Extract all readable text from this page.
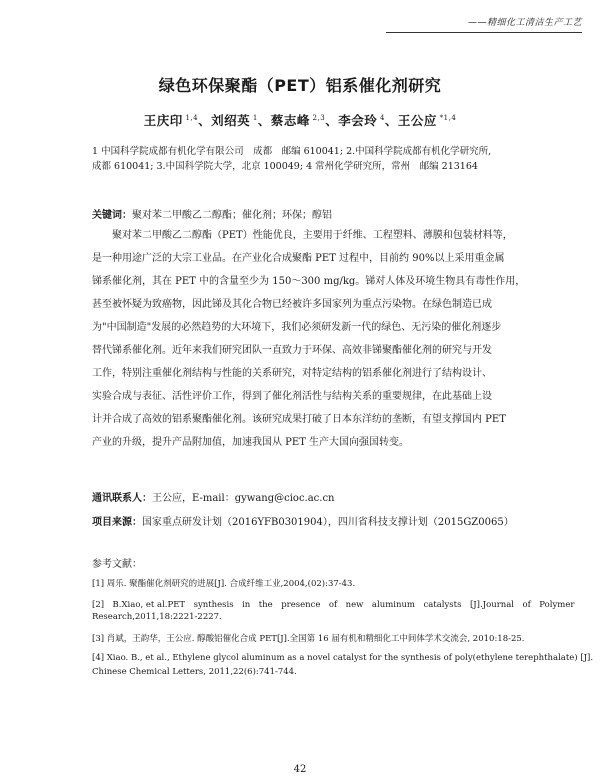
——精细化工清洁生产工艺
绿色环保聚酯（PET）铝系催化剂研究
王庆印 $^{1,4}$、刘绍英 $^1$、蔡志峰 $^{2,3}$、李会玲 $^4$、王公应 $^{*1,4}$
1 中国科学院成都有机化学有限公司　成都　邮编 610041; 2.中国科学院成都有机化学研究所,
成都 610041; 3.中国科学院大学，北京 100049; 4 常州化学研究所，常州　邮编 213164
关键词：聚对苯二甲酸乙二醇酯；催化剂；环保；醇铝
聚对苯二甲酸乙二醇酯（PET）性能优良，主要用于纤维、工程塑料、薄膜和包装材料等，
是一种用途广泛的大宗工业品。在产业化合成聚酯 PET 过程中，目前约 90%以上采用重金属
锑系催化剂，其在 PET 中的含量至少为 150～300 mg/kg。锑对人体及环境生物具有毒性作用，
甚至被怀疑为致癌物，因此锑及其化合物已经被许多国家列为重点污染物。在绿色制造已成
为"中国制造"发展的必然趋势的大环境下，我们必须研发新一代的绿色、无污染的催化剂逐步
替代锑系催化剂。近年来我们研究团队一直致力于环保、高效非锑聚酯催化剂的研究与开发
工作，特别注重催化剂结构与性能的关系研究，对特定结构的铝系催化剂进行了结构设计、
实验合成与表征、活性评价工作，得到了催化剂活性与结构关系的重要规律，在此基础上设
计并合成了高效的铝系聚酯催化剂。该研究成果打破了日本东洋纺的垄断，有望支撑国内 PET
产业的升级，提升产品附加值，加速我国从 PET 生产大国向强国转变。
通讯联系人：王公应，E-mail：gywang@cioc.ac.cn
项目来源：国家重点研发计划（2016YFB0301904），四川省科技支撑计划（2015GZ0065）
参考文献：
[1] 周乐. 聚酯催化剂研究的进展[J]. 合成纤维工业,2004,(02):37-43.
[2]　B.Xiao, et al.PET　synthesis　in　the　presence　of　new　aluminum　catalysts　[J].Journal　of　Polymer
Research,2011,18:2221-2227.
[3] 肖斌，王韵华，王公应. 醇酸铝催化合成 PET[J].全国第 16 届有机和精细化工中间体学术交流会, 2010:18-25.
[4] Xiao. B., et al., Ethylene glycol aluminum as a novel catalyst for the synthesis of poly(ethylene terephthalate) [J].
Chinese Chemical Letters, 2011,22(6):741-744.
42
